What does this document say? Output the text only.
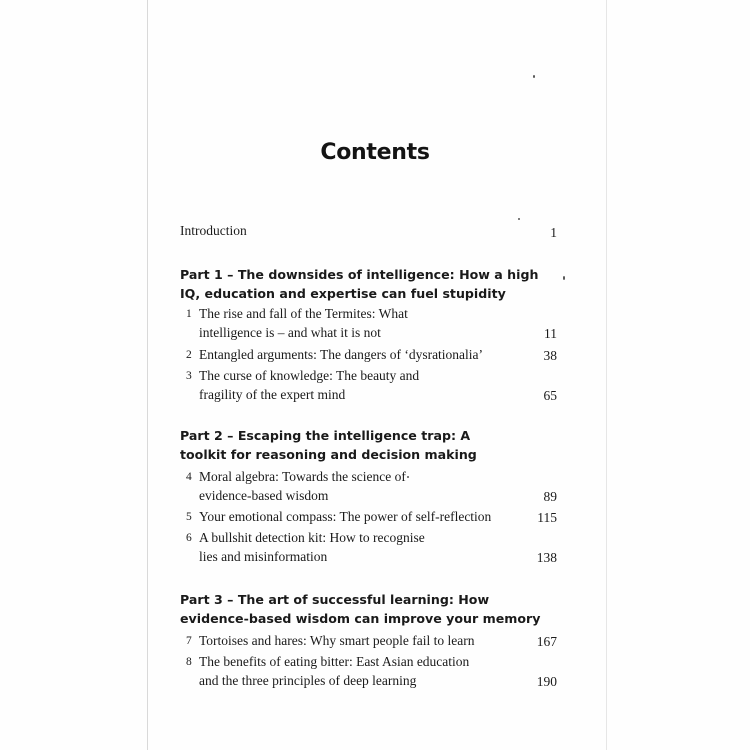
Contents
Introduction	1
Part 1 – The downsides of intelligence: How a high
IQ, education and expertise can fuel stupidity
1 The rise and fall of the Termites: What
intelligence is – and what it is not	11
2 Entangled arguments: The dangers of ‘dysrationalia’	38
3 The curse of knowledge: The beauty and
fragility of the expert mind	65
Part 2 – Escaping the intelligence trap: A
toolkit for reasoning and decision making
4 Moral algebra: Towards the science of
evidence-based wisdom	89
5 Your emotional compass: The power of self-reflection	115
6 A bullshit detection kit: How to recognise
lies and misinformation	138
Part 3 – The art of successful learning: How
evidence-based wisdom can improve your memory
7 Tortoises and hares: Why smart people fail to learn	167
8 The benefits of eating bitter: East Asian education
and the three principles of deep learning	190
